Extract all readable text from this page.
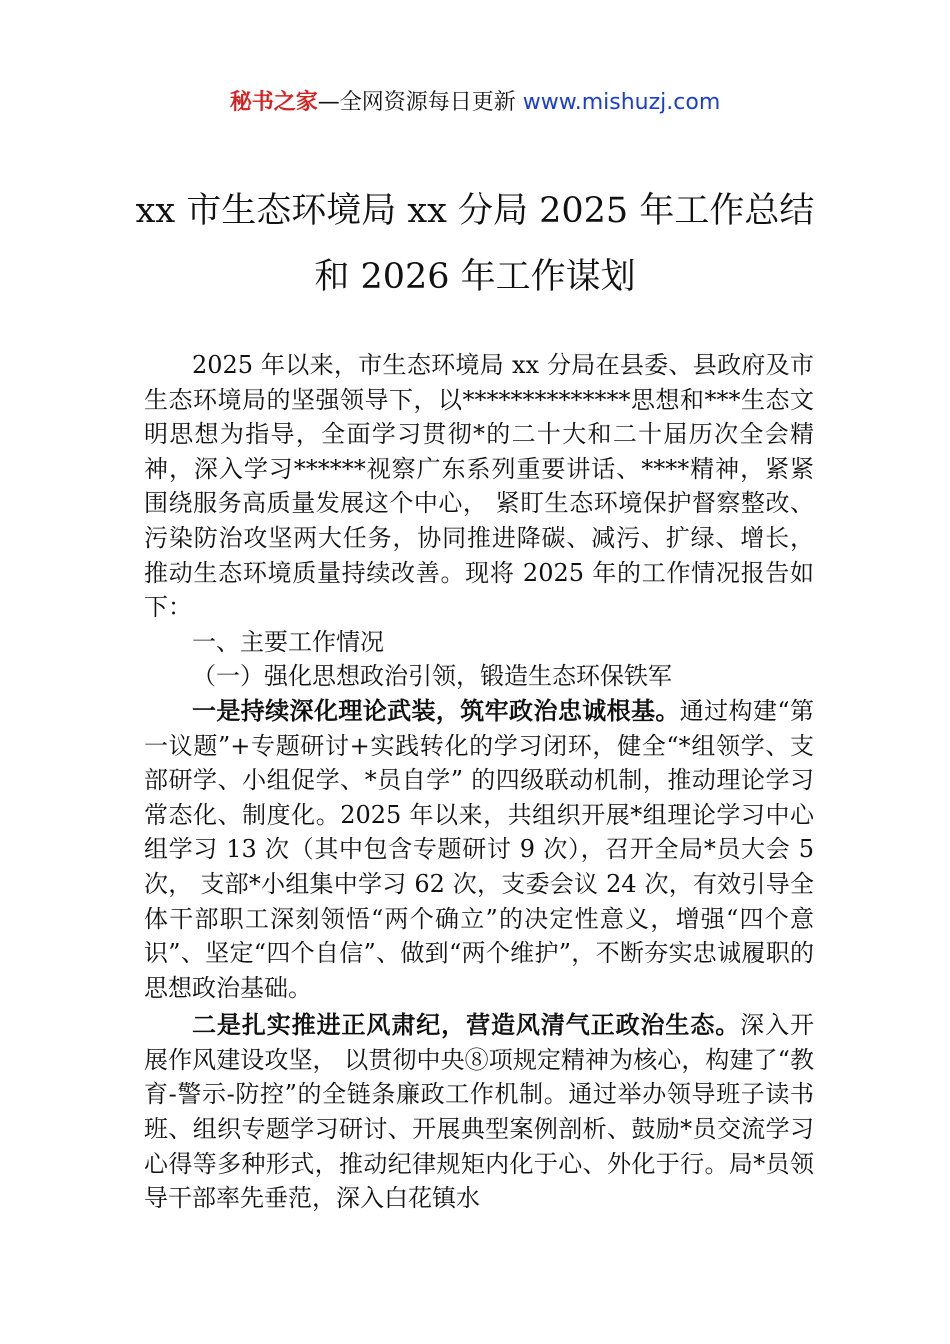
秘书之家—全网资源每日更新 www.mishuzj.com
xx 市生态环境局 xx 分局 2025 年工作总结
和 2026 年工作谋划

2025 年以来，市生态环境局 xx 分局在县委、县政府及市生态环境局的坚强领导下，以**************思想和***生态文明思想为指导，全面学习贯彻*的二十大和二十届历次全会精神，深入学习******视察广东系列重要讲话、****精神，紧紧围绕服务高质量发展这个中心， 紧盯生态环境保护督察整改、污染防治攻坚两大任务，协同推进降碳、减污、扩绿、增长，推动生态环境质量持续改善。现将 2025 年的工作情况报告如下：

一、主要工作情况

（一）强化思想政治引领，锻造生态环保铁军

一是持续深化理论武装，筑牢政治忠诚根基。通过构建“第一议题”+专题研讨+实践转化的学习闭环，健全“*组领学、支部研学、小组促学、*员自学” 的四级联动机制，推动理论学习常态化、制度化。2025 年以来，共组织开展*组理论学习中心组学习 13 次（其中包含专题研讨 9 次），召开全局*员大会 5 次， 支部*小组集中学习 62 次，支委会议 24 次，有效引导全体干部职工深刻领悟“两个确立”的决定性意义，增强“四个意识”、坚定“四个自信”、做到“两个维护”，不断夯实忠诚履职的思想政治基础。

二是扎实推进正风肃纪，营造风清气正政治生态。深入开展作风建设攻坚， 以贯彻中央⑧项规定精神为核心，构建了“教育-警示-防控”的全链条廉政工作机制。通过举办领导班子读书班、组织专题学习研讨、开展典型案例剖析、鼓励*员交流学习心得等多种形式，推动纪律规矩内化于心、外化于行。局*员领导干部率先垂范，深入白花镇水
